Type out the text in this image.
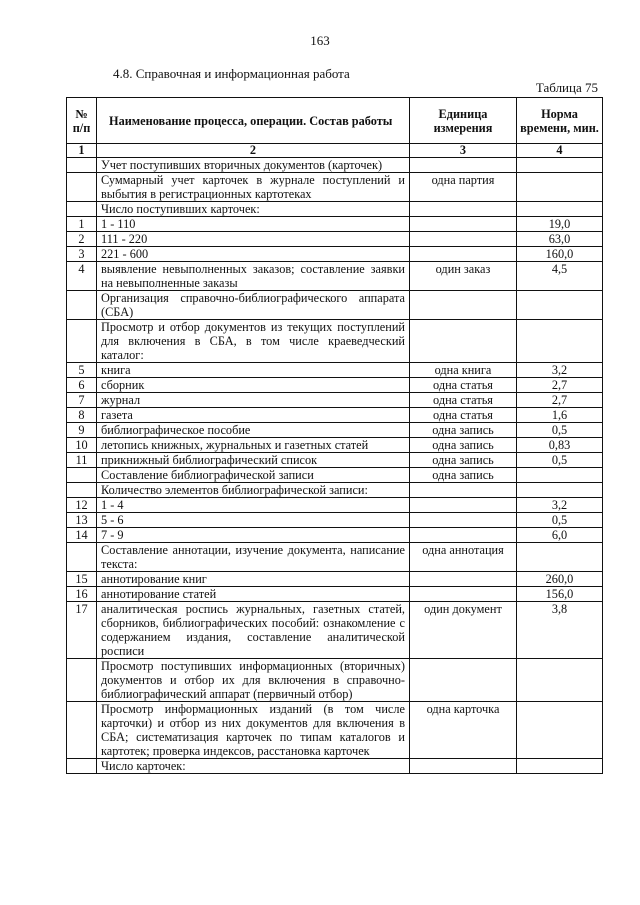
163
4.8. Справочная и информационная работа
Таблица 75
№ п/п	Наименование процесса, операции. Состав работы	Единица измерения	Норма времени, мин.
1	2	3	4
	Учет поступивших вторичных документов (карточек)		
	Суммарный учет карточек в журнале поступлений и выбытия в регистрационных картотеках	одна партия	
	Число поступивших карточек:		
1	1 - 110		19,0
2	111 - 220		63,0
3	221 - 600		160,0
4	выявление невыполненных заказов; составление заявки на невыполненные заказы	один заказ	4,5
	Организация справочно-библиографического аппарата (СБА)		
	Просмотр и отбор документов из текущих поступлений для включения в СБА, в том числе краеведческий каталог:		
5	книга	одна книга	3,2
6	сборник	одна статья	2,7
7	журнал	одна статья	2,7
8	газета	одна статья	1,6
9	библиографическое пособие	одна запись	0,5
10	летопись книжных, журнальных и газетных статей	одна запись	0,83
11	прикнижный библиографический список	одна запись	0,5
	Составление библиографической записи	одна запись	
	Количество элементов библиографической записи:		
12	1 - 4		3,2
13	5 - 6		0,5
14	7 - 9		6,0
	Составление аннотации, изучение документа, написание текста:	одна аннотация	
15	аннотирование книг		260,0
16	аннотирование статей		156,0
17	аналитическая роспись журнальных, газетных статей, сборников, библиографических пособий: ознакомление с содержанием издания, составление аналитической росписи	один документ	3,8
	Просмотр поступивших информационных (вторичных) документов и отбор их для включения в справочно-библиографический аппарат (первичный отбор)		
	Просмотр информационных изданий (в том числе карточки) и отбор из них документов для включения в СБА; систематизация карточек по типам каталогов и картотек; проверка индексов, расстановка карточек	одна карточка	
	Число карточек:		
